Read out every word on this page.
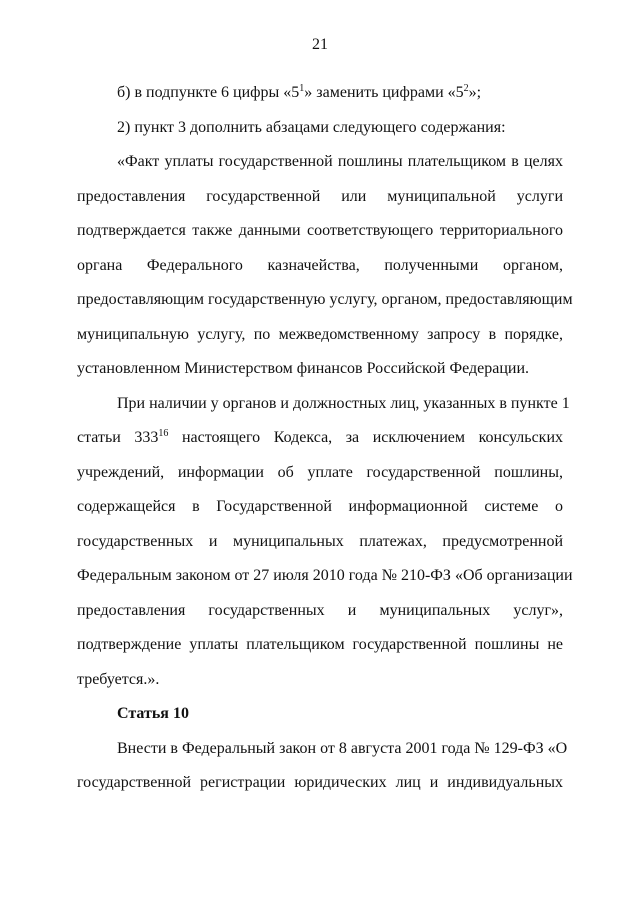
21
б) в подпункте 6 цифры «$5^1$» заменить цифрами «$5^2$»;
2) пункт 3 дополнить абзацами следующего содержания:
«Факт уплаты государственной пошлины плательщиком в целях
предоставления государственной или муниципальной услуги
подтверждается также данными соответствующего территориального
органа Федерального казначейства, полученными органом,
предоставляющим государственную услугу, органом, предоставляющим
муниципальную услугу, по межведомственному запросу в порядке,
установленном Министерством финансов Российской Федерации.
При наличии у органов и должностных лиц, указанных в пункте 1
статьи $333^{16}$ настоящего Кодекса, за исключением консульских
учреждений, информации об уплате государственной пошлины,
содержащейся в Государственной информационной системе о
государственных и муниципальных платежах, предусмотренной
Федеральным законом от 27 июля 2010 года № 210-ФЗ «Об организации
предоставления государственных и муниципальных услуг»,
подтверждение уплаты плательщиком государственной пошлины не
требуется.».
Статья 10
Внести в Федеральный закон от 8 августа 2001 года № 129-ФЗ «О
государственной регистрации юридических лиц и индивидуальных
